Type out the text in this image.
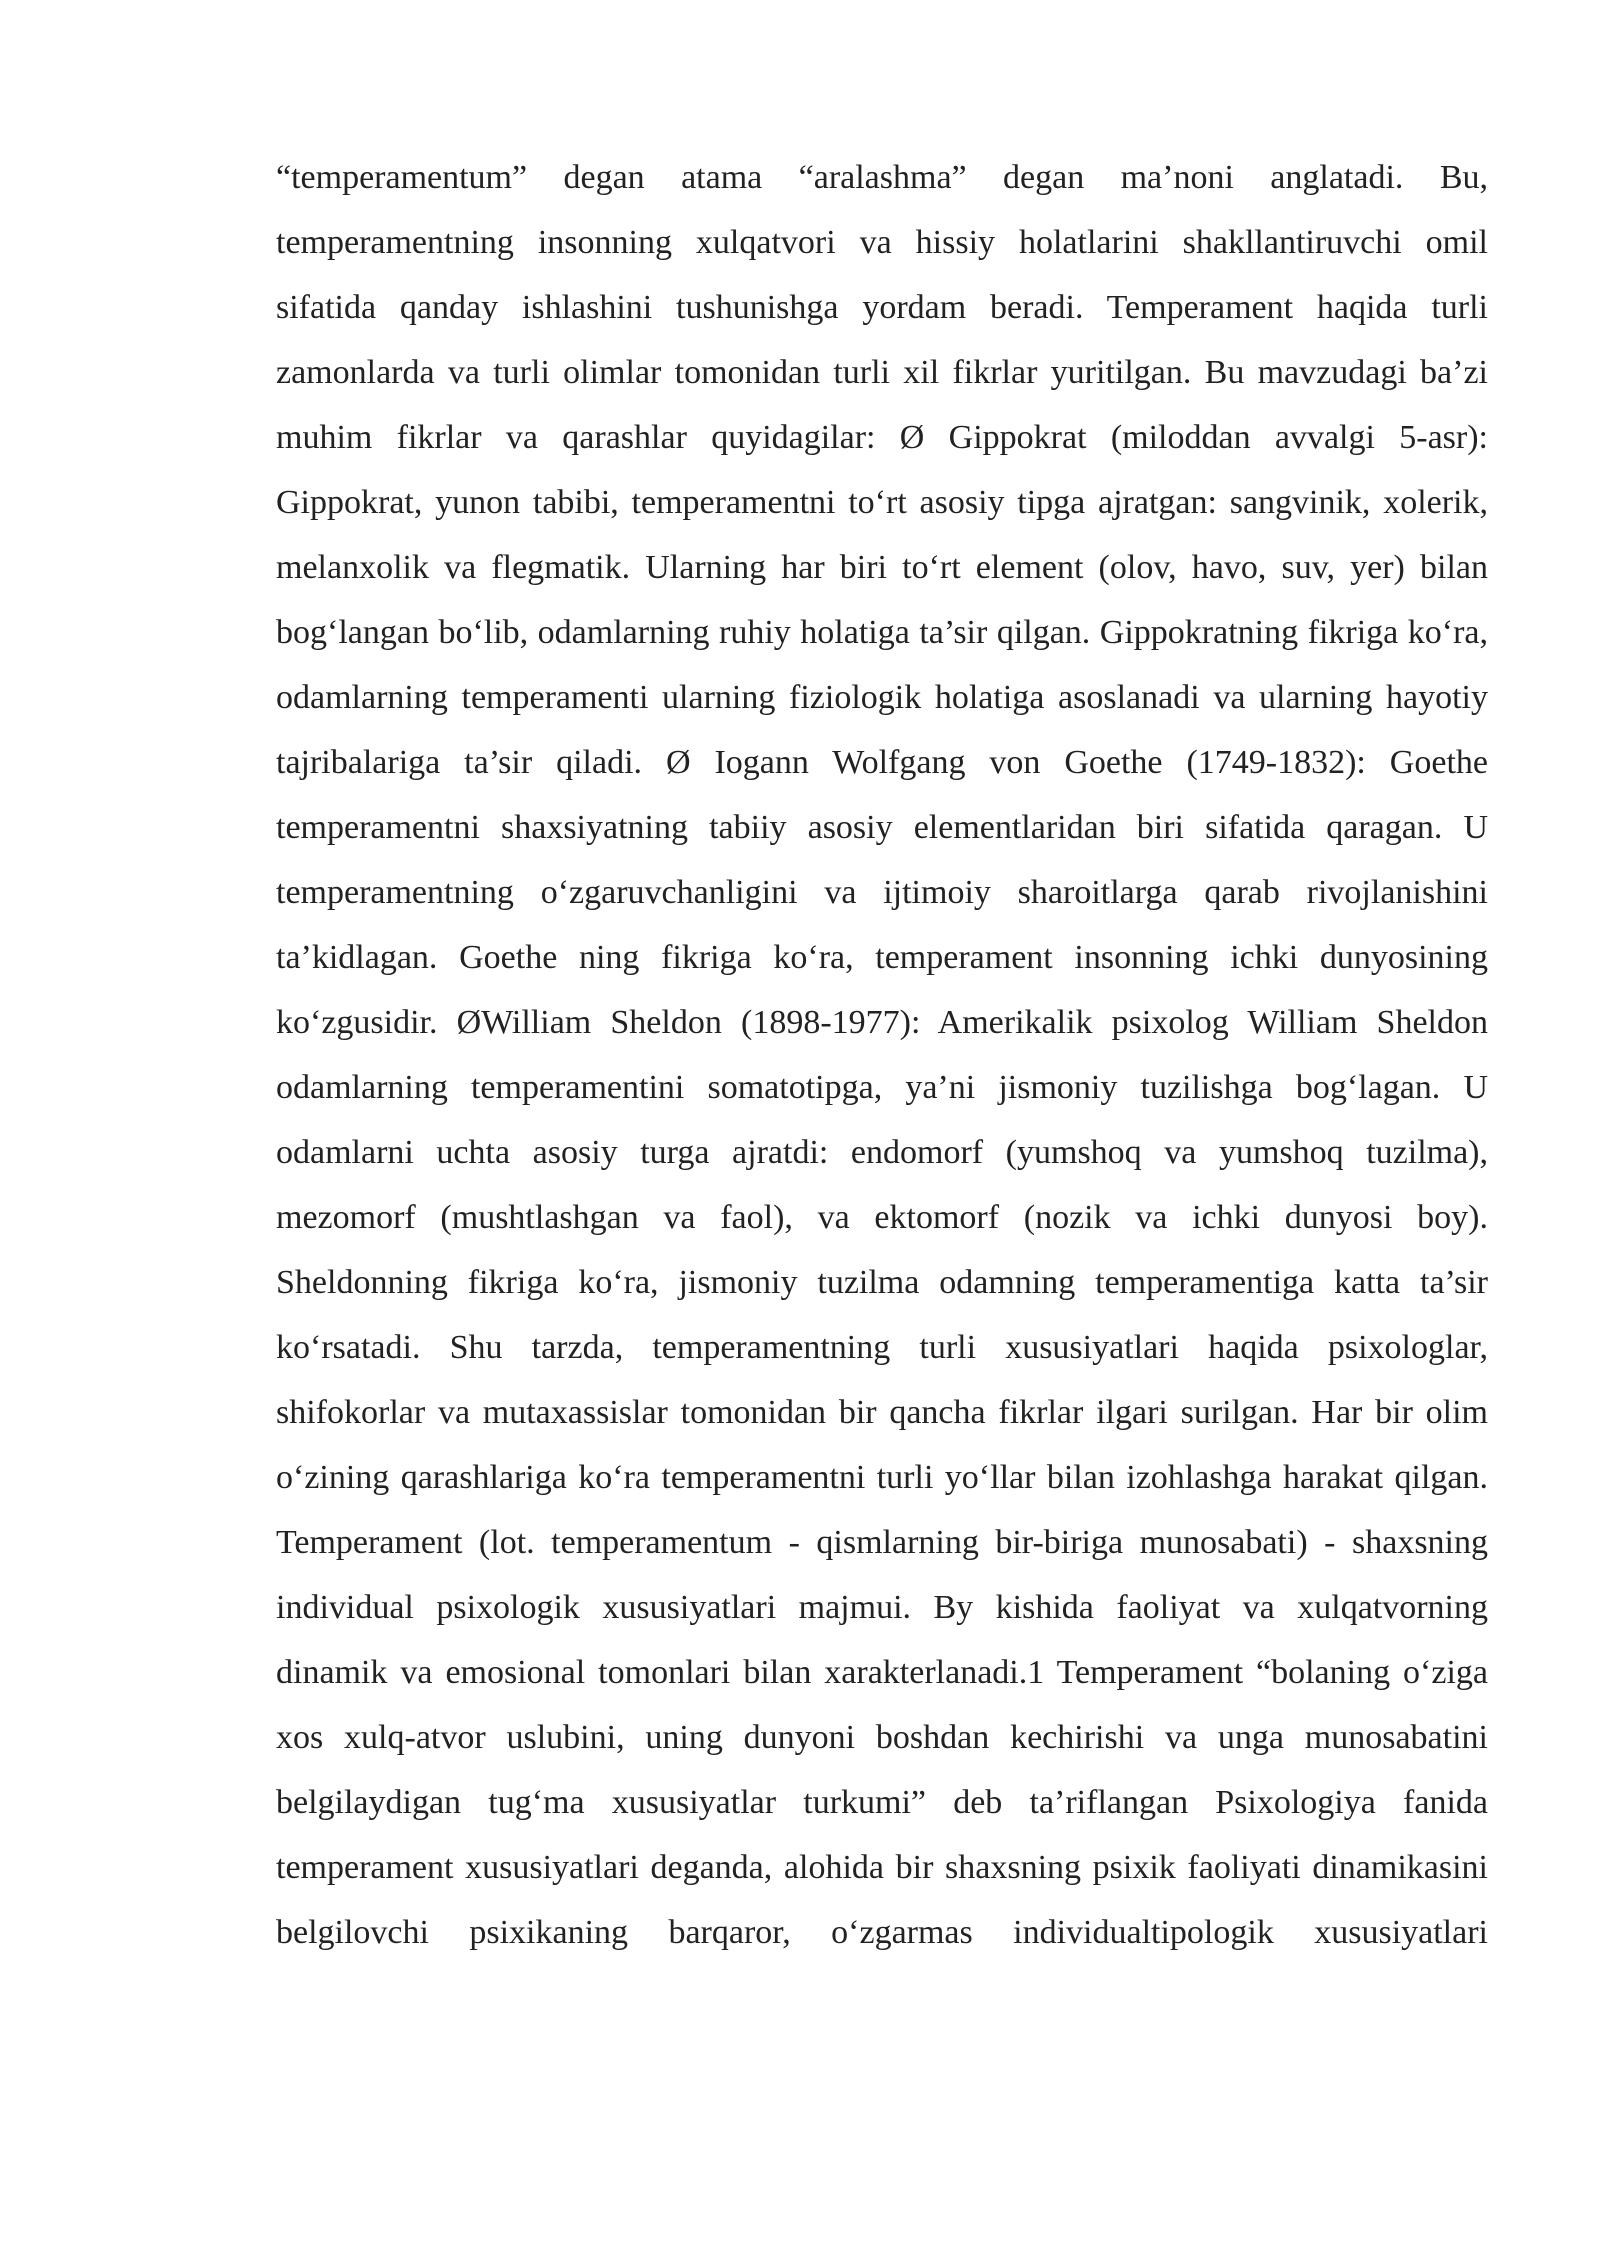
“temperamentum” degan atama “aralashma” degan ma’noni anglatadi. Bu, temperamentning insonning xulqatvori va hissiy holatlarini shakllantiruvchi omil sifatida qanday ishlashini tushunishga yordam beradi. Temperament haqida turli zamonlarda va turli olimlar tomonidan turli xil fikrlar yuritilgan. Bu mavzudagi ba’zi muhim fikrlar va qarashlar quyidagilar: Ø Gippokrat (miloddan avvalgi 5-asr): Gippokrat, yunon tabibi, temperamentni to‘rt asosiy tipga ajratgan: sangvinik, xolerik, melanxolik va flegmatik. Ularning har biri to‘rt element (olov, havo, suv, yer) bilan bog‘langan bo‘lib, odamlarning ruhiy holatiga ta’sir qilgan. Gippokratning fikriga ko‘ra, odamlarning temperamenti ularning fiziologik holatiga asoslanadi va ularning hayotiy tajribalariga ta’sir qiladi. Ø Iogann Wolfgang von Goethe (1749-1832): Goethe temperamentni shaxsiyatning tabiiy asosiy elementlaridan biri sifatida qaragan. U temperamentning o‘zgaruvchanligini va ijtimoiy sharoitlarga qarab rivojlanishini ta’kidlagan. Goethe ning fikriga ko‘ra, temperament insonning ichki dunyosining ko‘zgusidir. ØWilliam Sheldon (1898-1977): Amerikalik psixolog William Sheldon odamlarning temperamentini somatotipga, ya’ni jismoniy tuzilishga bog‘lagan. U odamlarni uchta asosiy turga ajratdi: endomorf (yumshoq va yumshoq tuzilma), mezomorf (mushtlashgan va faol), va ektomorf (nozik va ichki dunyosi boy). Sheldonning fikriga ko‘ra, jismoniy tuzilma odamning temperamentiga katta ta’sir ko‘rsatadi. Shu tarzda, temperamentning turli xususiyatlari haqida psixologlar, shifokorlar va mutaxassislar tomonidan bir qancha fikrlar ilgari surilgan. Har bir olim o‘zining qarashlariga ko‘ra temperamentni turli yo‘llar bilan izohlashga harakat qilgan. Temperament (lot. temperamentum - qismlarning bir-biriga munosabati) - shaxsning individual psixologik xususiyatlari majmui. By kishida faoliyat va xulqatvorning dinamik va emosional tomonlari bilan xarakterlanadi.1 Temperament “bolaning o‘ziga xos xulq-atvor uslubini, uning dunyoni boshdan kechirishi va unga munosabatini belgilaydigan tug‘ma xususiyatlar turkumi” deb ta’riflangan Psixologiya fanida temperament xususiyatlari deganda, alohida bir shaxsning psixik faoliyati dinamikasini belgilovchi psixikaning barqaror, o‘zgarmas individualtipologik xususiyatlari
